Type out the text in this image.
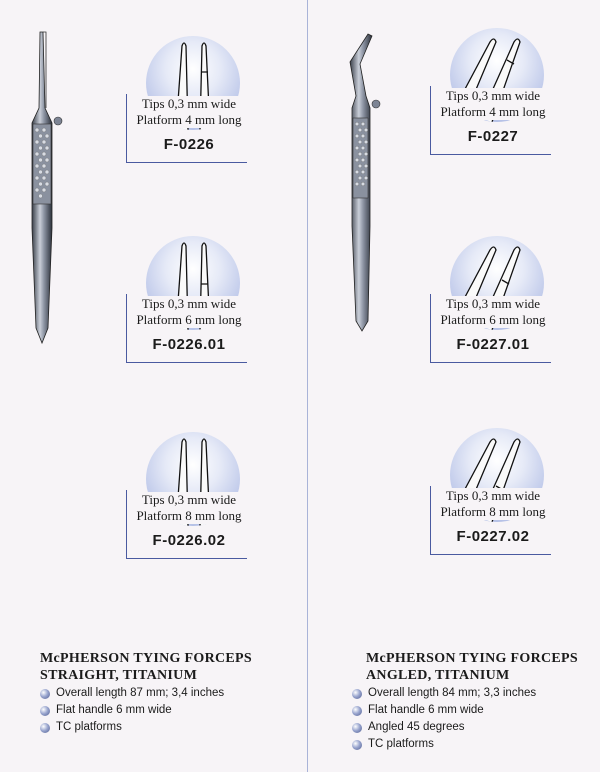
Tips 0,3 mm wide
Platform 4 mm long
F-0226
Tips 0,3 mm wide
Platform 6 mm long
F-0226.01
Tips 0,3 mm wide
Platform 8 mm long
F-0226.02
McPHERSON TYING FORCEPS
STRAIGHT, TITANIUM
Overall length 87 mm; 3,4 inches
Flat handle 6 mm wide
TC platforms
Tips 0,3 mm wide
Platform 4 mm long
F-0227
Tips 0,3 mm wide
Platform 6 mm long
F-0227.01
Tips 0,3 mm wide
Platform 8 mm long
F-0227.02
McPHERSON TYING FORCEPS
ANGLED, TITANIUM
Overall length 84 mm; 3,3 inches
Flat handle 6 mm wide
Angled 45 degrees
TC platforms
